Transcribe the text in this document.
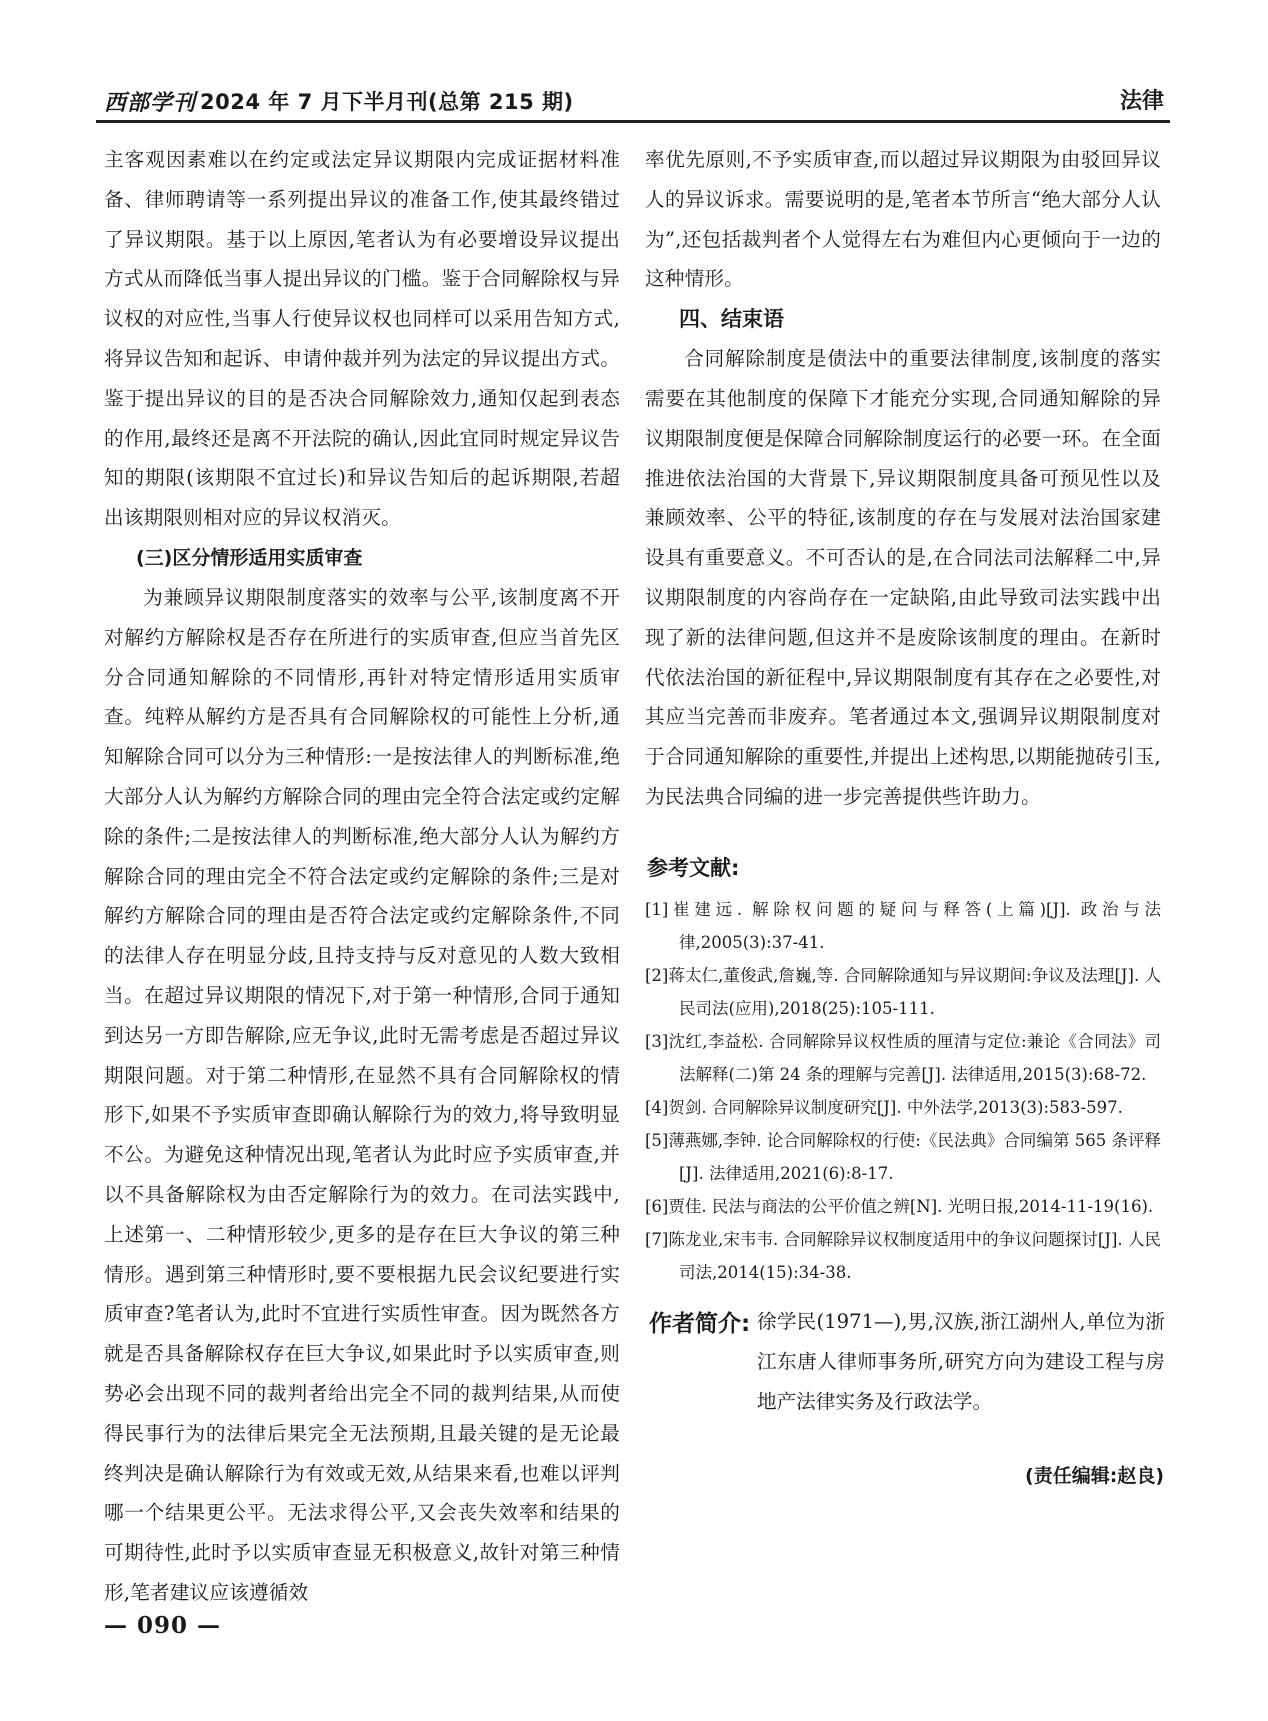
西部学刊 2024 年 7 月下半月刊(总第 215 期)	法律

主客观因素难以在约定或法定异议期限内完成证据材料准备、律师聘请等一系列提出异议的准备工作,使其最终错过了异议期限。基于以上原因,笔者认为有必要增设异议提出方式从而降低当事人提出异议的门槛。鉴于合同解除权与异议权的对应性,当事人行使异议权也同样可以采用告知方式,将异议告知和起诉、申请仲裁并列为法定的异议提出方式。鉴于提出异议的目的是否决合同解除效力,通知仅起到表态的作用,最终还是离不开法院的确认,因此宜同时规定异议告知的期限(该期限不宜过长)和异议告知后的起诉期限,若超出该期限则相对应的异议权消灭。

(三)区分情形适用实质审查

为兼顾异议期限制度落实的效率与公平,该制度离不开对解约方解除权是否存在所进行的实质审查,但应当首先区分合同通知解除的不同情形,再针对特定情形适用实质审查。纯粹从解约方是否具有合同解除权的可能性上分析,通知解除合同可以分为三种情形:一是按法律人的判断标准,绝大部分人认为解约方解除合同的理由完全符合法定或约定解除的条件;二是按法律人的判断标准,绝大部分人认为解约方解除合同的理由完全不符合法定或约定解除的条件;三是对解约方解除合同的理由是否符合法定或约定解除条件,不同的法律人存在明显分歧,且持支持与反对意见的人数大致相当。在超过异议期限的情况下,对于第一种情形,合同于通知到达另一方即告解除,应无争议,此时无需考虑是否超过异议期限问题。对于第二种情形,在显然不具有合同解除权的情形下,如果不予实质审查即确认解除行为的效力,将导致明显不公。为避免这种情况出现,笔者认为此时应予实质审查,并以不具备解除权为由否定解除行为的效力。在司法实践中,上述第一、二种情形较少,更多的是存在巨大争议的第三种情形。遇到第三种情形时,要不要根据九民会议纪要进行实质审查?笔者认为,此时不宜进行实质性审查。因为既然各方就是否具备解除权存在巨大争议,如果此时予以实质审查,则势必会出现不同的裁判者给出完全不同的裁判结果,从而使得民事行为的法律后果完全无法预期,且最关键的是无论最终判决是确认解除行为有效或无效,从结果来看,也难以评判哪一个结果更公平。无法求得公平,又会丧失效率和结果的可期待性,此时予以实质审查显无积极意义,故针对第三种情形,笔者建议应该遵循效

率优先原则,不予实质审查,而以超过异议期限为由驳回异议人的异议诉求。需要说明的是,笔者本节所言“绝大部分人认为”,还包括裁判者个人觉得左右为难但内心更倾向于一边的这种情形。

四、结束语

合同解除制度是债法中的重要法律制度,该制度的落实需要在其他制度的保障下才能充分实现,合同通知解除的异议期限制度便是保障合同解除制度运行的必要一环。在全面推进依法治国的大背景下,异议期限制度具备可预见性以及兼顾效率、公平的特征,该制度的存在与发展对法治国家建设具有重要意义。不可否认的是,在合同法司法解释二中,异议期限制度的内容尚存在一定缺陷,由此导致司法实践中出现了新的法律问题,但这并不是废除该制度的理由。在新时代依法治国的新征程中,异议期限制度有其存在之必要性,对其应当完善而非废弃。笔者通过本文,强调异议期限制度对于合同通知解除的重要性,并提出上述构思,以期能抛砖引玉,为民法典合同编的进一步完善提供些许助力。

参考文献:

[1]崔建远. 解除权问题的疑问与释答(上篇)[J]. 政治与法律,2005(3):37-41.

[2]蒋太仁,董俊武,詹巍,等. 合同解除通知与异议期间:争议及法理[J]. 人民司法(应用),2018(25):105-111.

[3]沈红,李益松. 合同解除异议权性质的厘清与定位:兼论《合同法》司法解释(二)第 24 条的理解与完善[J]. 法律适用,2015(3):68-72.

[4]贺剑. 合同解除异议制度研究[J]. 中外法学,2013(3):583-597.

[5]薄燕娜,李钟. 论合同解除权的行使:《民法典》合同编第 565 条评释[J]. 法律适用,2021(6):8-17.

[6]贾佳. 民法与商法的公平价值之辨[N]. 光明日报,2014-11-19(16).

[7]陈龙业,宋韦韦. 合同解除异议权制度适用中的争议问题探讨[J]. 人民司法,2014(15):34-38.

作者简介: 徐学民(1971—),男,汉族,浙江湖州人,单位为浙江东唐人律师事务所,研究方向为建设工程与房地产法律实务及行政法学。
(责任编辑:赵良)
— 090 —
